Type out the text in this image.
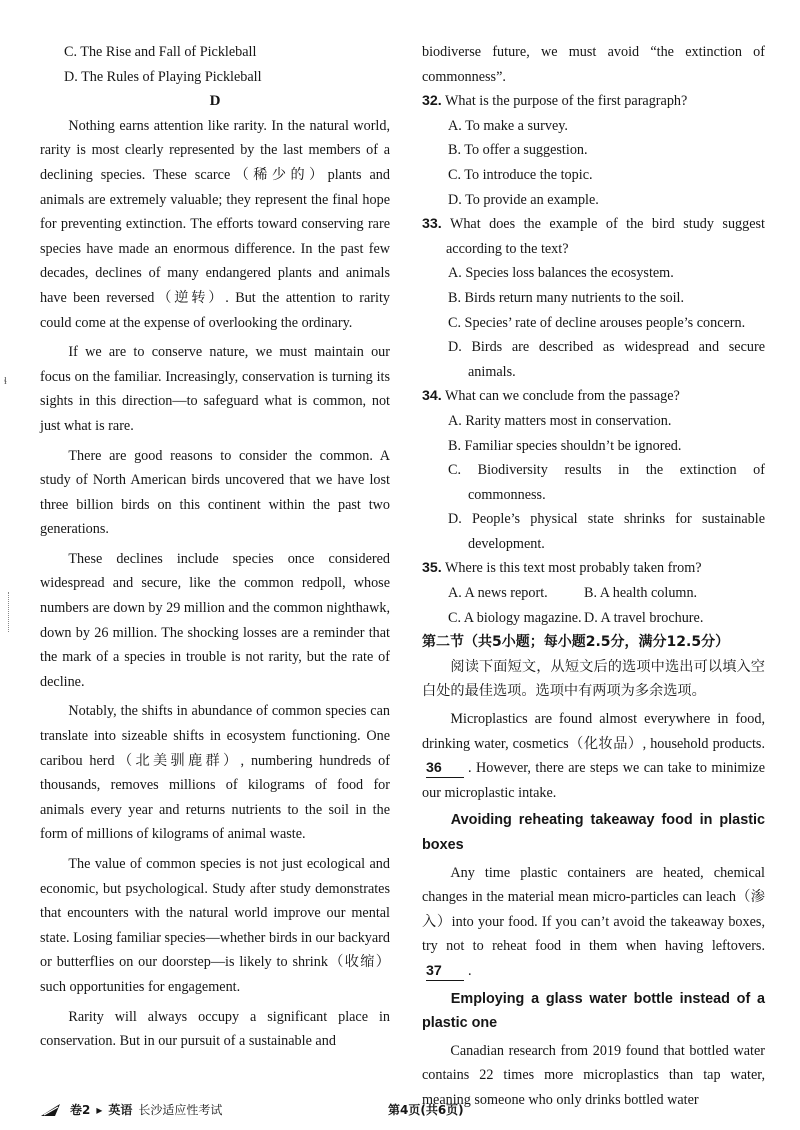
ɬ
C. The Rise and Fall of Pickleball
D. The Rules of Playing Pickleball
D
Nothing earns attention like rarity. In the natural world, rarity is most clearly represented by the last members of a declining species. These scarce（稀少的）plants and animals are extremely valuable; they represent the final hope for preventing extinction. The efforts toward conserving rare species have made an enormous difference. In the past few decades, declines of many endangered plants and animals have been reversed（逆转）. But the attention to rarity could come at the expense of overlooking the ordinary.
If we are to conserve nature, we must maintain our focus on the familiar. Increasingly, conservation is turning its sights in this direction—to safeguard what is common, not just what is rare.
There are good reasons to consider the common. A study of North American birds uncovered that we have lost three billion birds on this continent within the past two generations.
These declines include species once considered widespread and secure, like the common redpoll, whose numbers are down by 29 million and the common nighthawk, down by 26 million. The shocking losses are a reminder that the mark of a species in trouble is not rarity, but the rate of decline.
Notably, the shifts in abundance of common species can translate into sizeable shifts in ecosystem functioning. One caribou herd（北美驯鹿群）, numbering hundreds of thousands, removes millions of kilograms of food for animals every year and returns nutrients to the soil in the form of millions of kilograms of animal waste.
The value of common species is not just ecological and economic, but psychological. Study after study demonstrates that encounters with the natural world improve our mental state. Losing familiar species—whether birds in our backyard or butterflies on our doorstep—is likely to shrink（收缩）such opportunities for engagement.
Rarity will always occupy a significant place in conservation. But in our pursuit of a sustainable and
biodiverse future, we must avoid “the extinction of commonness”.
32. What is the purpose of the first paragraph?
A. To make a survey.
B. To offer a suggestion.
C. To introduce the topic.
D. To provide an example.
33. What does the example of the bird study suggest according to the text?
A. Species loss balances the ecosystem.
B. Birds return many nutrients to the soil.
C. Species’ rate of decline arouses people’s concern.
D. Birds are described as widespread and secure animals.
34. What can we conclude from the passage?
A. Rarity matters most in conservation.
B. Familiar species shouldn’t be ignored.
C. Biodiversity results in the extinction of commonness.
D. People’s physical state shrinks for sustainable development.
35. Where is this text most probably taken from?
A. A news report.	B. A health column.
C. A biology magazine. D. A travel brochure.
第二节（共5小题；每小题2.5分，满分12.5分）
阅读下面短文，从短文后的选项中选出可以填入空白处的最佳选项。选项中有两项为多余选项。
Microplastics are found almost everywhere in food, drinking water, cosmetics（化妆品）, household products.36 . However, there are steps we can take to minimize our microplastic intake.
Avoiding reheating takeaway food in plastic boxes
Any time plastic containers are heated, chemical changes in the material mean micro-particles can leach（渗入）into your food. If you can’t avoid the takeaway boxes, try not to reheat food in them when having leftovers.37 .
Employing a glass water bottle instead of a plastic one
Canadian research from 2019 found that bottled water contains 22 times more microplastics than tap water, meaning someone who only drinks bottled water
卷2 ▸ 英语 长沙适应性考试	第4页(共6页)
